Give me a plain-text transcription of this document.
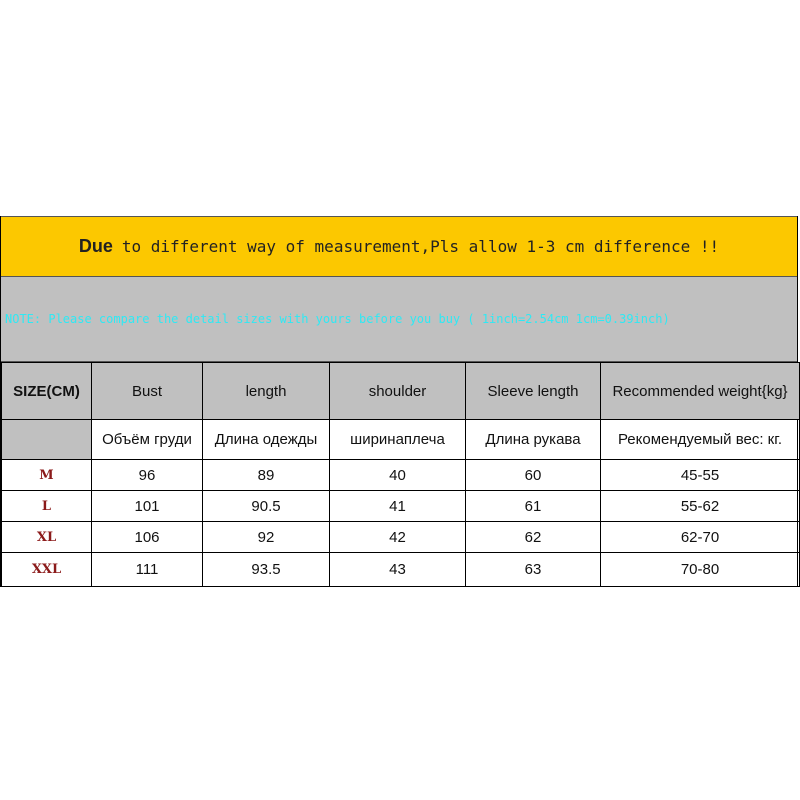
Due to different way of measurement,Pls allow 1-3 cm difference !!
NOTE: Please compare the detail sizes with yours before you buy ( 1inch=2.54cm 1cm=0.39inch)
SIZE(CM)	Bust	length	shoulder	Sleeve length	Recommended weight{kg}
	Объём груди	Длина одежды	ширинаплеча	Длина рукава	Рекомендуемый вес: кг.
M	96	89	40	60	45-55
L	101	90.5	41	61	55-62
XL	106	92	42	62	62-70
XXL	111	93.5	43	63	70-80
